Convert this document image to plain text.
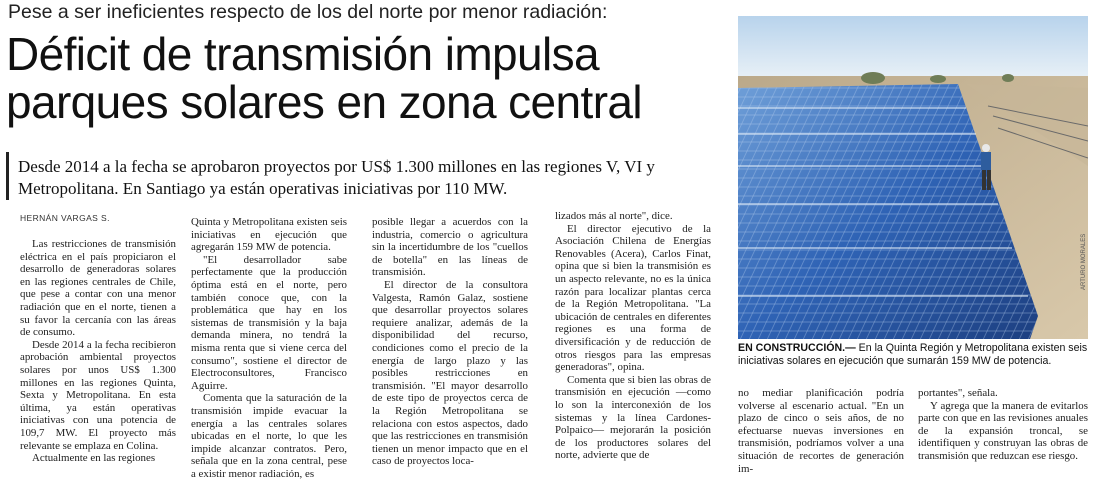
Pese a ser ineficientes respecto de los del norte por menor radiación:
Déficit de transmisión impulsa
parques solares en zona central
Desde 2014 a la fecha se aprobaron proyectos por US$ 1.300 millones en las regiones V, VI y Metropolitana. En Santiago ya están operativas iniciativas por 110 MW.
HERNÁN VARGAS S.

Las restricciones de transmisión eléctrica en el país propiciaron el desarrollo de generadoras solares en las regiones centrales de Chile, que pese a contar con una menor radiación que en el norte, tienen a su favor la cercanía con las áreas de consumo.

Desde 2014 a la fecha recibieron aprobación ambiental proyectos solares por unos US$ 1.300 millones en las regiones Quinta, Sexta y Metropolitana. En esta última, ya están operativas iniciativas con una potencia de 109,7 MW. El proyecto más relevante se emplaza en Colina.

Actualmente en las regiones

Quinta y Metropolitana existen seis iniciativas en ejecución que agregarán 159 MW de potencia.

"El desarrollador sabe perfectamente que la producción óptima está en el norte, pero también conoce que, con la problemática que hay en los sistemas de transmisión y la baja demanda minera, no tendrá la misma renta que si viene cerca del consumo", sostiene el director de Electroconsultores, Francisco Aguirre.

Comenta que la saturación de la transmisión impide evacuar la energía a las centrales solares ubicadas en el norte, lo que les impide alcanzar contratos. Pero, señala que en la zona central, pese a existir menor radiación, es

posible llegar a acuerdos con la industria, comercio o agricultura sin la incertidumbre de los "cuellos de botella" en las líneas de transmisión.

El director de la consultora Valgesta, Ramón Galaz, sostiene que desarrollar proyectos solares requiere analizar, además de la disponibilidad del recurso, condiciones como el precio de la energía de largo plazo y las posibles restricciones en transmisión. "El mayor desarrollo de este tipo de proyectos cerca de la Región Metropolitana se relaciona con estos aspectos, dado que las restricciones en transmisión tienen un menor impacto que en el caso de proyectos loca-

lizados más al norte", dice.

El director ejecutivo de la Asociación Chilena de Energías Renovables (Acera), Carlos Finat, opina que si bien la transmisión es un aspecto relevante, no es la única razón para localizar plantas cerca de la Región Metropolitana. "La ubicación de centrales en diferentes regiones es una forma de diversificación y de reducción de otros riesgos para las empresas generadoras", opina.

Comenta que si bien las obras de transmisión en ejecución —como lo son la interconexión de los sistemas y la línea Cardones-Polpaico— mejorarán la posición de los productores solares del norte, advierte que de

no mediar planificación podría volverse al escenario actual. "En un plazo de cinco o seis años, de no efectuarse nuevas inversiones en transmisión, podríamos volver a una situación de recortes de generación im-

portantes", señala.

Y agrega que la manera de evitarlos parte con que en las revisiones anuales de la expansión troncal, se identifiquen y construyan las obras de transmisión que reduzcan ese riesgo.

ARTURO MORALES
EN CONSTRUCCIÓN.— En la Quinta Región y Metropolitana existen seis iniciativas solares en ejecución que sumarán 159 MW de potencia.
